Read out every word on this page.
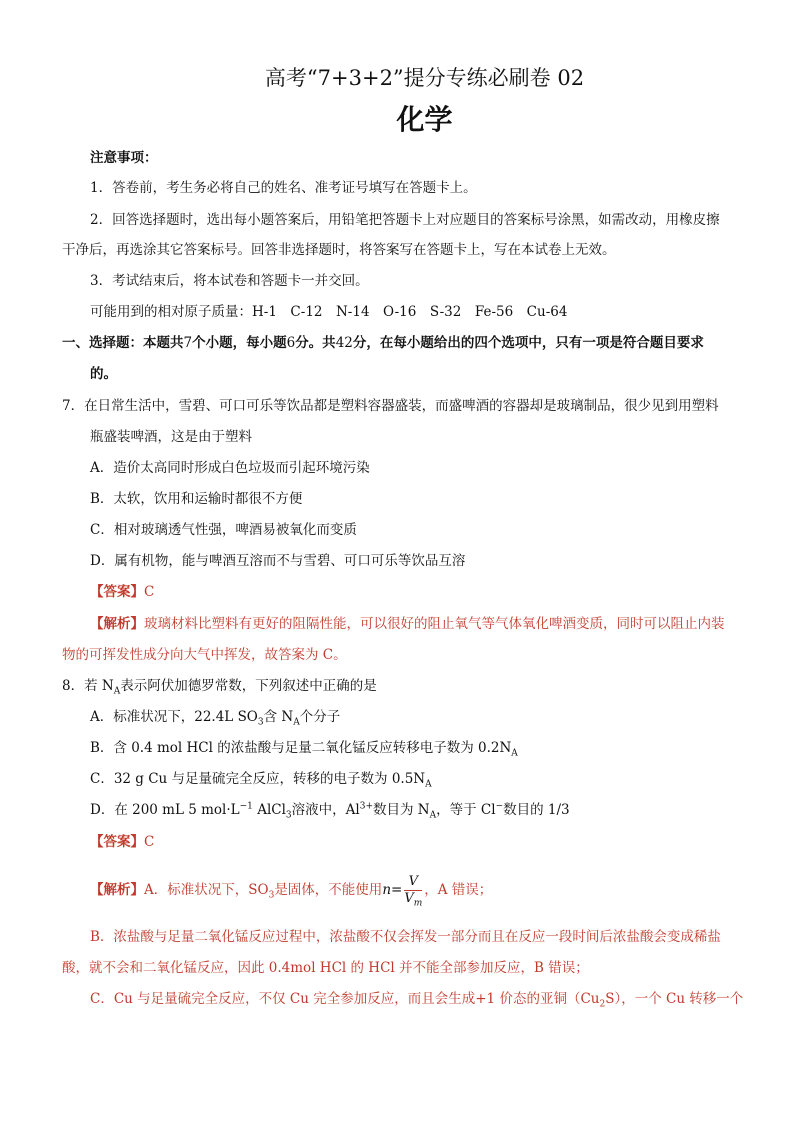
高考“7+3+2”提分专练必刷卷 02
化学
注意事项：
1．答卷前，考生务必将自己的姓名、准考证号填写在答题卡上。
2．回答选择题时，选出每小题答案后，用铅笔把答题卡上对应题目的答案标号涂黑，如需改动，用橡皮擦
干净后，再选涂其它答案标号。回答非选择题时，将答案写在答题卡上，写在本试卷上无效。
3．考试结束后，将本试卷和答题卡一并交回。
可能用到的相对原子质量：H-1　C-12　N-14　O-16　S-32　Fe-56　Cu-64
一、选择题：本题共7个小题，每小题6分。共42分，在每小题给出的四个选项中，只有一项是符合题目要求
的。
7．在日常生活中，雪碧、可口可乐等饮品都是塑料容器盛装，而盛啤酒的容器却是玻璃制品，很少见到用塑料
瓶盛装啤酒，这是由于塑料
A．造价太高同时形成白色垃圾而引起环境污染
B．太软，饮用和运输时都很不方便
C．相对玻璃透气性强，啤酒易被氧化而变质
D．属有机物，能与啤酒互溶而不与雪碧、可口可乐等饮品互溶
【答案】C
【解析】玻璃材料比塑料有更好的阻隔性能，可以很好的阻止氧气等气体氧化啤酒变质，同时可以阻止内装
物的可挥发性成分向大气中挥发，故答案为 C。
8．若 $N_A$表示阿伏加德罗常数，下列叙述中正确的是
A．标准状况下，22.4L $SO_3$含 $N_A$个分子
B．含 0.4 mol HCl 的浓盐酸与足量二氧化锰反应转移电子数为 $0.2N_A$
C．32 g Cu 与足量硫完全反应，转移的电子数为 $0.5N_A$
D．在 200 mL 5 $mol\cdot L^{-1}$ AlCl$_3$溶液中，$Al^{3+}$数目为 $N_A$，等于 Cl−数目的 1/3
【答案】C
【解析】A．标准状况下，$SO_3$是固体，不能使用$n= \frac{V}{V_m}$ ，A 错误；
B．浓盐酸与足量二氧化锰反应过程中，浓盐酸不仅会挥发一部分而且在反应一段时间后浓盐酸会变成稀盐
酸，就不会和二氧化锰反应，因此 0.4mol HCl 的 HCl 并不能全部参加反应，B 错误；
C．Cu 与足量硫完全反应，不仅 Cu 完全参加反应，而且会生成+1 价态的亚铜$(Cu_2S)$，一个 Cu 转移一个
